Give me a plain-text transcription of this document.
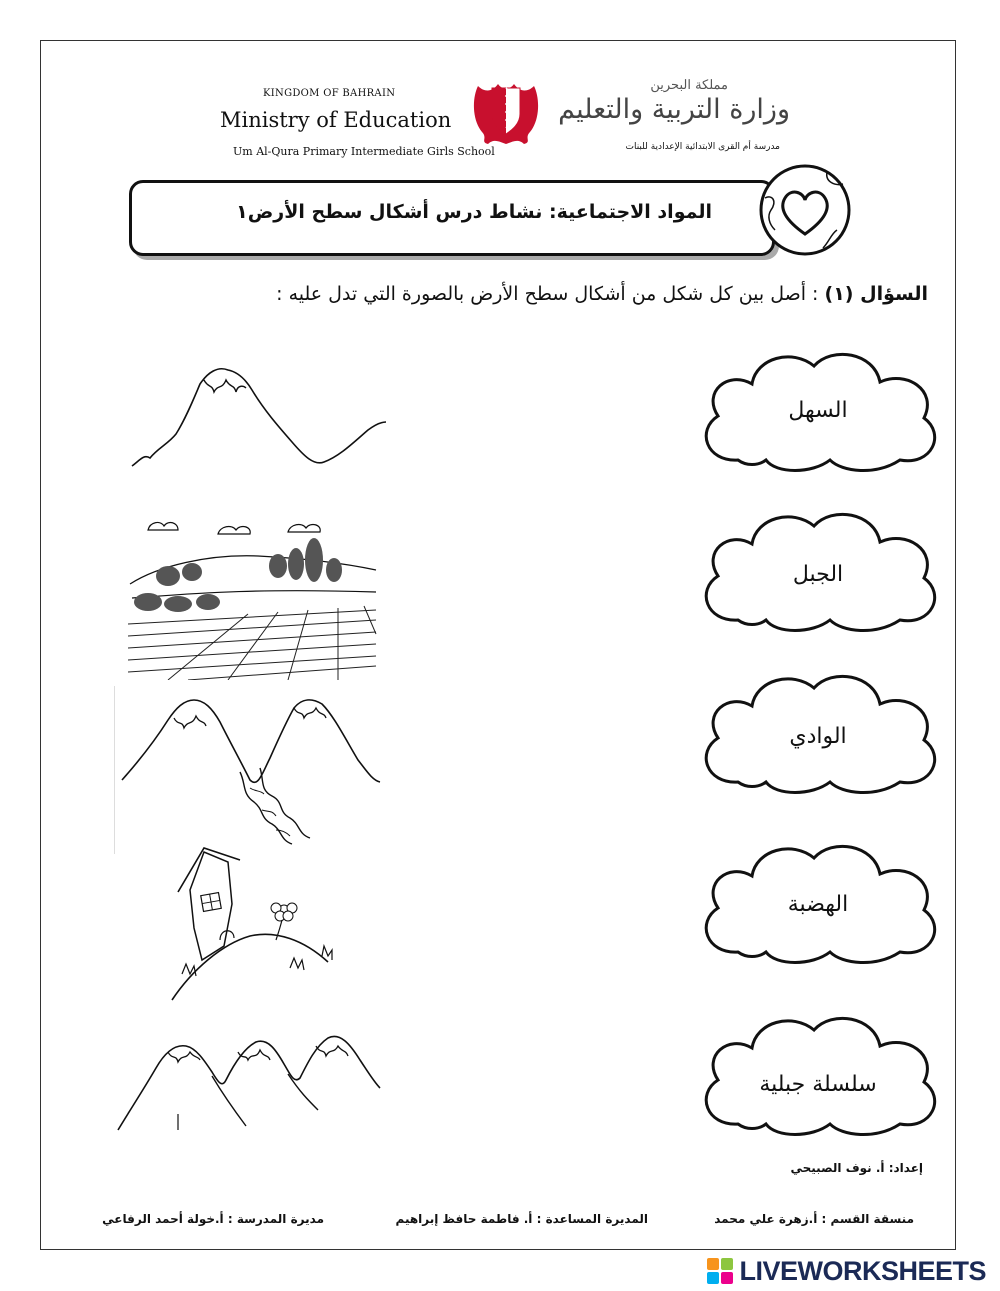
KINGDOM OF BAHRAIN
Ministry of Education
Um Al-Qura Primary Intermediate Girls School
مملكة البحرين
وزارة التربية والتعليم
مدرسة أم القرى الابتدائية الإعدادية للبنات
المواد الاجتماعية: نشاط درس أشكال سطح الأرض١
السؤال (١) : أصل بين كل شكل من أشكال سطح الأرض بالصورة التي تدل عليه :
السهل
الجبل
الوادي
الهضبة
سلسلة جبلية
إعداد: أ. نوف الصبيحي
منسقة القسم : أ.زهرة علي محمد
المديرة المساعدة : أ. فاطمة حافظ إبراهيم
مديرة المدرسة : أ.خولة أحمد الرفاعي
LIVEWORKSHEETS
